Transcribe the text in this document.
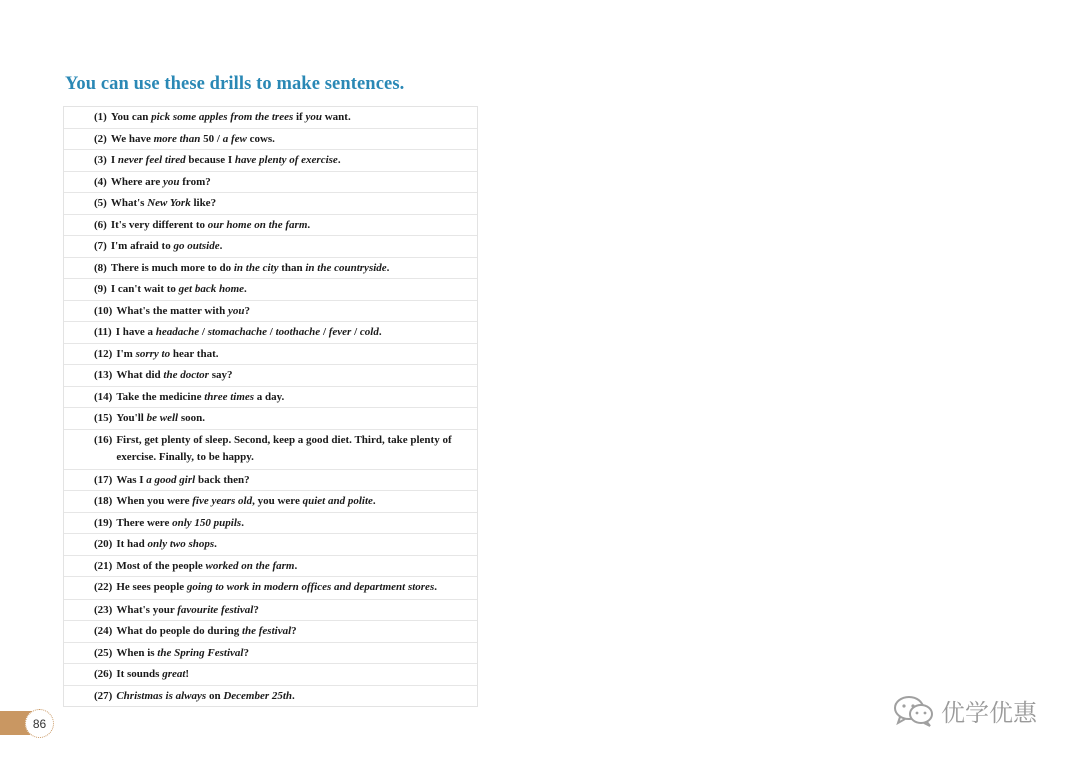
You can use these drills to make sentences.
(1) You can pick some apples from the trees if you want.
(2) We have more than 50 / a few cows.
(3) I never feel tired because I have plenty of exercise.
(4) Where are you from?
(5) What's New York like?
(6) It's very different to our home on the farm.
(7) I'm afraid to go outside.
(8) There is much more to do in the city than in the countryside.
(9) I can't wait to get back home.
(10) What's the matter with you?
(11) I have a headache / stomachache / toothache / fever / cold.
(12) I'm sorry to hear that.
(13) What did the doctor say?
(14) Take the medicine three times a day.
(15) You'll be well soon.
(16) First, get plenty of sleep. Second, keep a good diet. Third, take plenty of exercise. Finally, to be happy.
(17) Was I a good girl back then?
(18) When you were five years old, you were quiet and polite.
(19) There were only 150 pupils.
(20) It had only two shops.
(21) Most of the people worked on the farm.
(22) He sees people going to work in modern offices and department stores.
(23) What's your favourite festival?
(24) What do people do during the festival?
(25) When is the Spring Festival?
(26) It sounds great!
(27) Christmas is always on December 25th.
86	优学优惠
